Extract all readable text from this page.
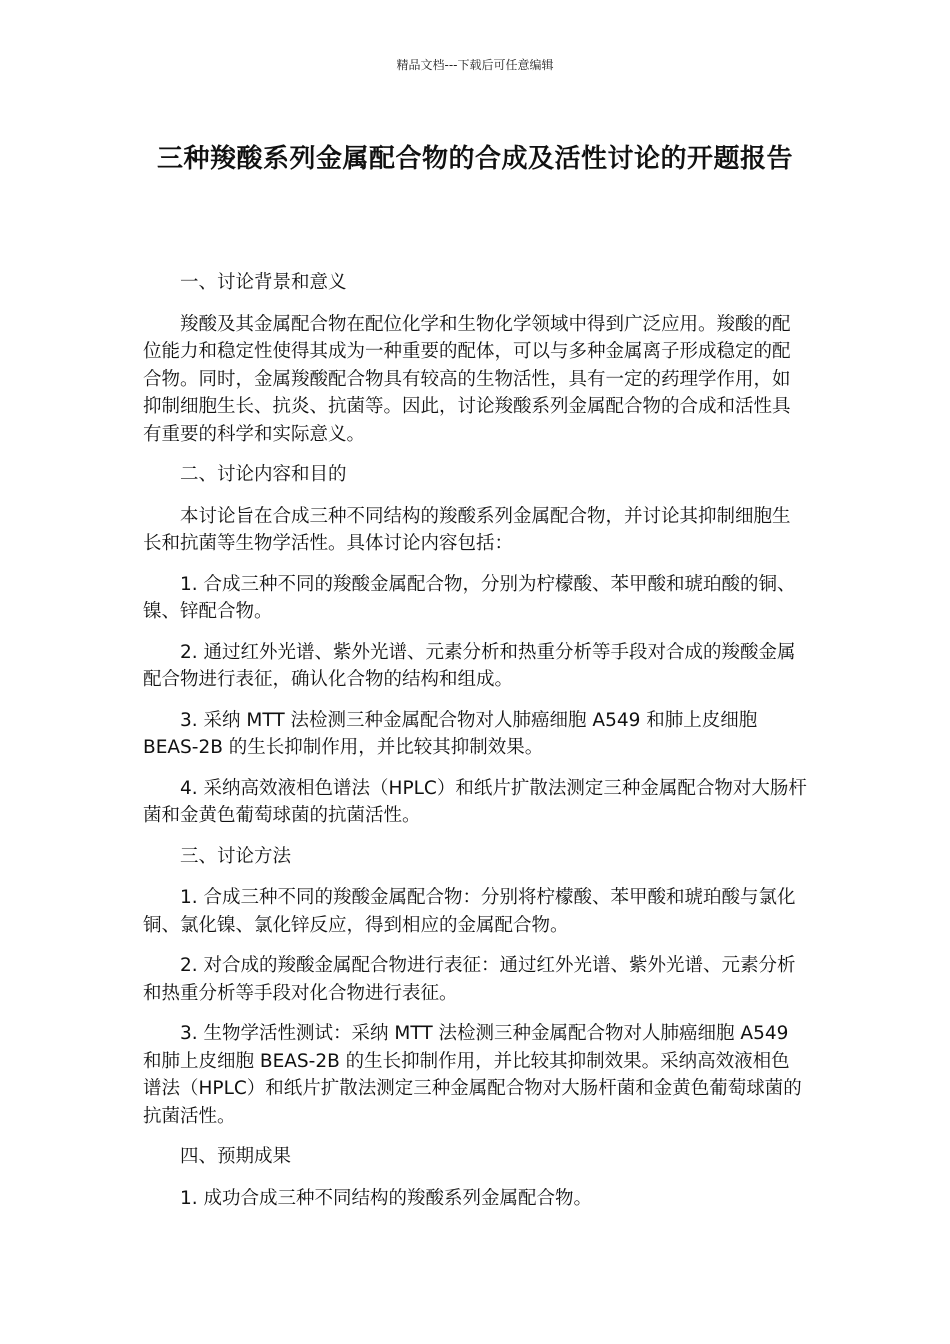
精品文档---下载后可任意编辑
三种羧酸系列金属配合物的合成及活性讨论的开题报告

一、讨论背景和意义

羧酸及其金属配合物在配位化学和生物化学领域中得到广泛应用。羧酸的配位能力和稳定性使得其成为一种重要的配体，可以与多种金属离子形成稳定的配合物。同时，金属羧酸配合物具有较高的生物活性，具有一定的药理学作用，如抑制细胞生长、抗炎、抗菌等。因此，讨论羧酸系列金属配合物的合成和活性具有重要的科学和实际意义。

二、讨论内容和目的

本讨论旨在合成三种不同结构的羧酸系列金属配合物，并讨论其抑制细胞生长和抗菌等生物学活性。具体讨论内容包括：

1. 合成三种不同的羧酸金属配合物，分别为柠檬酸、苯甲酸和琥珀酸的铜、镍、锌配合物。

2. 通过红外光谱、紫外光谱、元素分析和热重分析等手段对合成的羧酸金属配合物进行表征，确认化合物的结构和组成。

3. 采纳 MTT 法检测三种金属配合物对人肺癌细胞 A549 和肺上皮细胞 BEAS-2B 的生长抑制作用，并比较其抑制效果。

4. 采纳高效液相色谱法（HPLC）和纸片扩散法测定三种金属配合物对大肠杆菌和金黄色葡萄球菌的抗菌活性。

三、讨论方法

1. 合成三种不同的羧酸金属配合物：分别将柠檬酸、苯甲酸和琥珀酸与氯化铜、氯化镍、氯化锌反应，得到相应的金属配合物。

2. 对合成的羧酸金属配合物进行表征：通过红外光谱、紫外光谱、元素分析和热重分析等手段对化合物进行表征。

3. 生物学活性测试：采纳 MTT 法检测三种金属配合物对人肺癌细胞 A549 和肺上皮细胞 BEAS-2B 的生长抑制作用，并比较其抑制效果。采纳高效液相色谱法（HPLC）和纸片扩散法测定三种金属配合物对大肠杆菌和金黄色葡萄球菌的抗菌活性。

四、预期成果

1. 成功合成三种不同结构的羧酸系列金属配合物。
